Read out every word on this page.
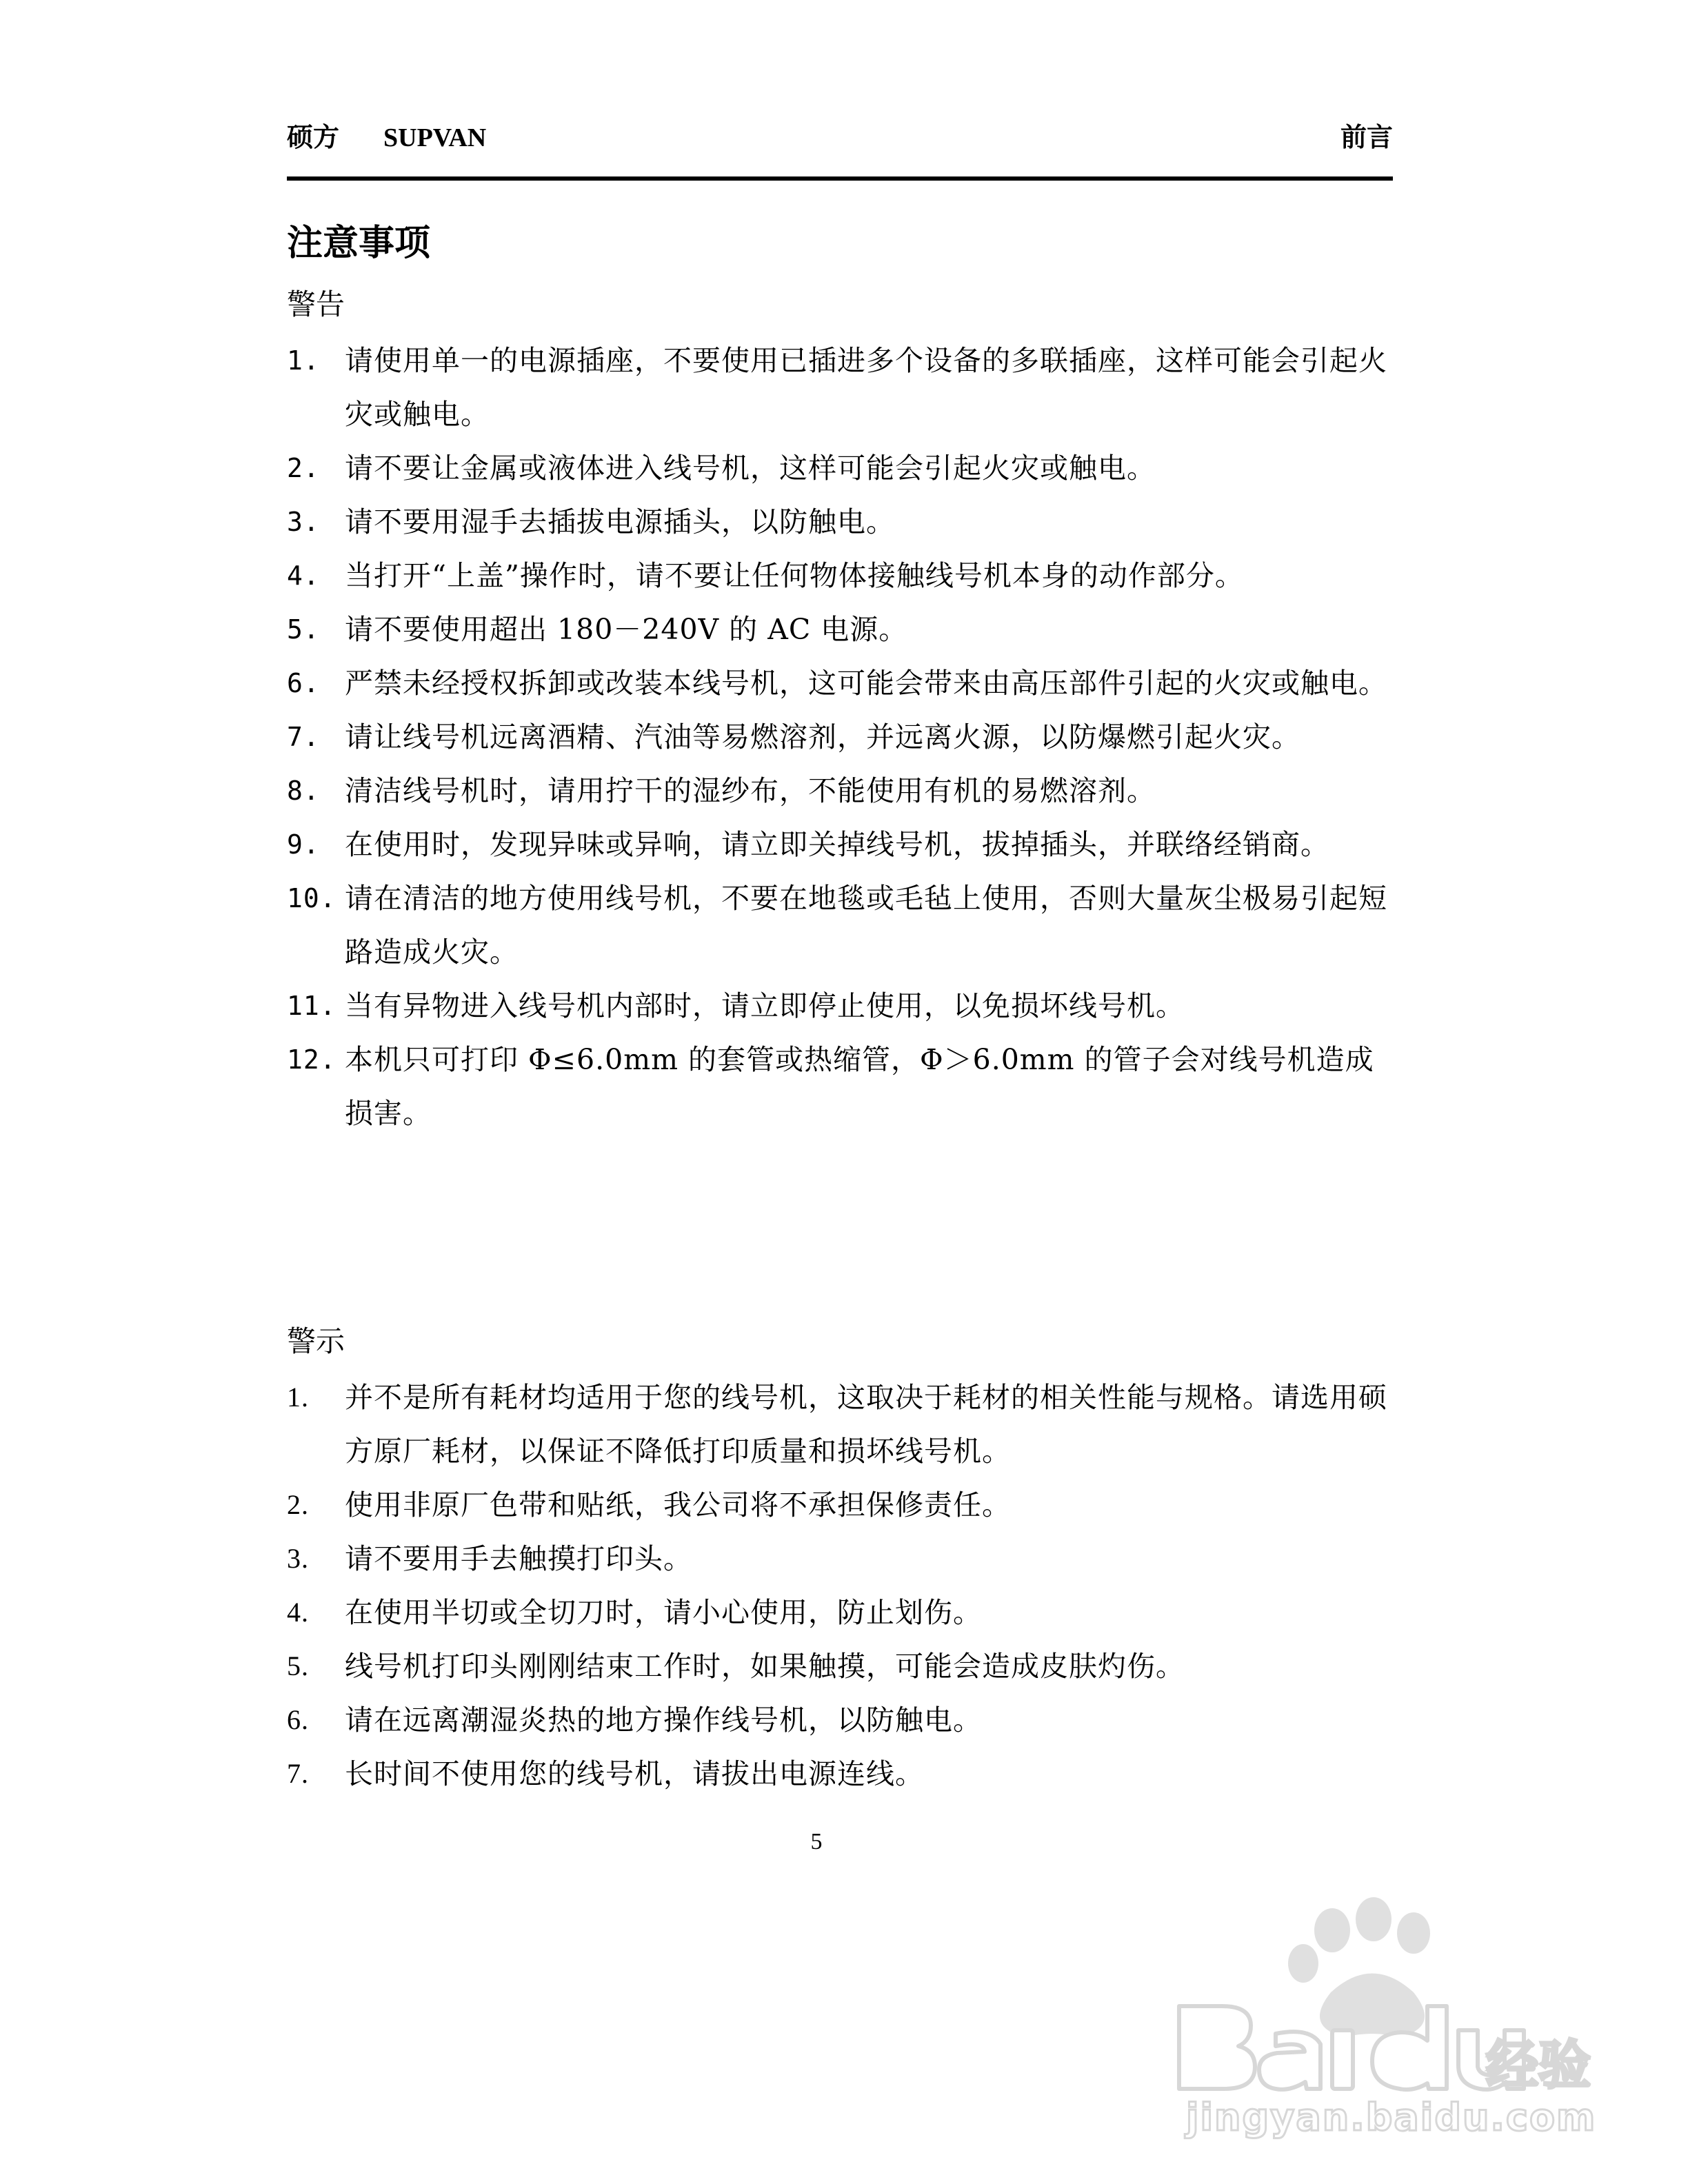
硕方 SUPVAN	前言
注意事项
警告
1. 请使用单一的电源插座，不要使用已插进多个设备的多联插座，这样可能会引起火灾或触电。
2. 请不要让金属或液体进入线号机，这样可能会引起火灾或触电。
3. 请不要用湿手去插拔电源插头，以防触电。
4. 当打开“上盖”操作时，请不要让任何物体接触线号机本身的动作部分。
5. 请不要使用超出 180－240V 的 AC 电源。
6. 严禁未经授权拆卸或改装本线号机，这可能会带来由高压部件引起的火灾或触电。
7. 请让线号机远离酒精、汽油等易燃溶剂，并远离火源，以防爆燃引起火灾。
8. 清洁线号机时，请用拧干的湿纱布，不能使用有机的易燃溶剂。
9. 在使用时，发现异味或异响，请立即关掉线号机，拔掉插头，并联络经销商。
10. 请在清洁的地方使用线号机，不要在地毯或毛毡上使用，否则大量灰尘极易引起短路造成火灾。
11. 当有异物进入线号机内部时，请立即停止使用，以免损坏线号机。
12. 本机只可打印 Φ≤6.0mm 的套管或热缩管，Φ＞6.0mm 的管子会对线号机造成损害。
警示
1. 并不是所有耗材均适用于您的线号机，这取决于耗材的相关性能与规格。请选用硕方原厂耗材，以保证不降低打印质量和损坏线号机。
2. 使用非原厂色带和贴纸，我公司将不承担保修责任。
3. 请不要用手去触摸打印头。
4. 在使用半切或全切刀时，请小心使用，防止划伤。
5. 线号机打印头刚刚结束工作时，如果触摸，可能会造成皮肤灼伤。
6. 请在远离潮湿炎热的地方操作线号机，以防触电。
7. 长时间不使用您的线号机，请拔出电源连线。
5
经验
jingyan.baidu.com
